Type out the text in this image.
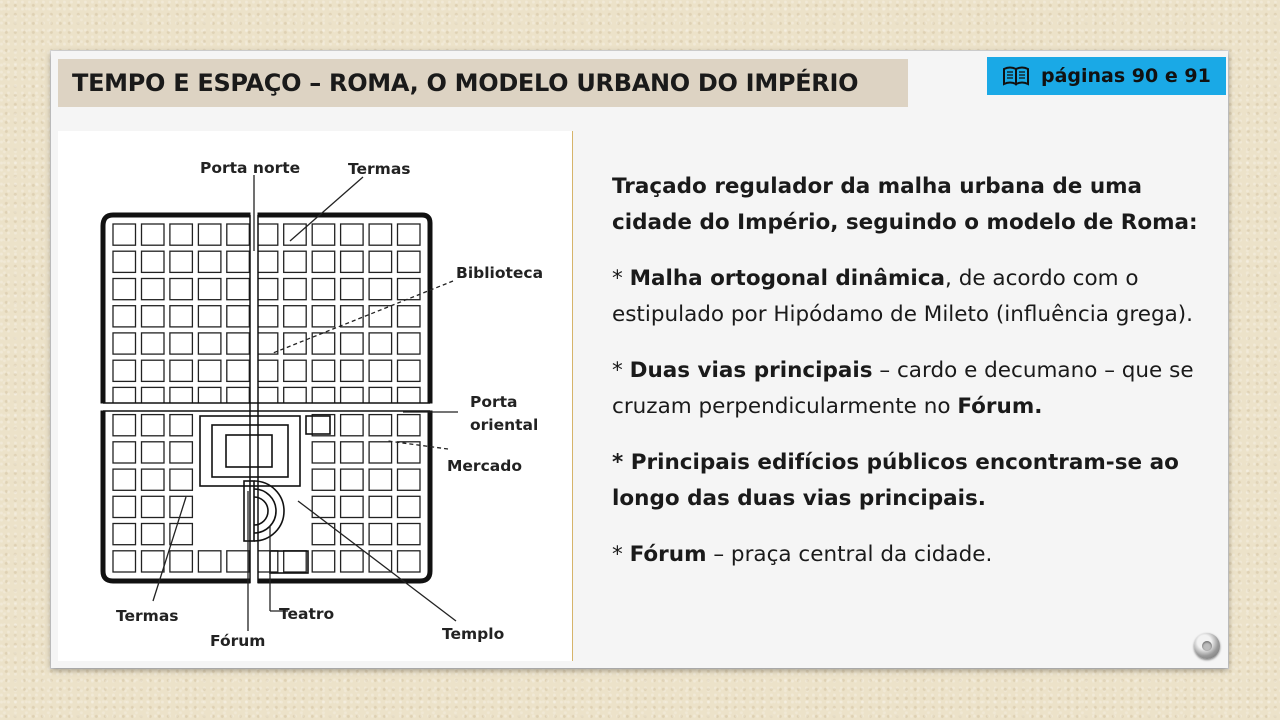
TEMPO E ESPAÇO – ROMA, O MODELO URBANO DO IMPÉRIO	páginas 90 e 91
Porta norte	Termas
Biblioteca
Porta
oriental
Mercado
Termas	Teatro
Fórum	Templo

Traçado regulador da malha urbana de uma cidade do Império, seguindo o modelo de Roma:

* Malha ortogonal dinâmica, de acordo com o estipulado por Hipódamo de Mileto (influência grega).

* Duas vias principais – cardo e decumano – que se cruzam perpendicularmente no Fórum.

* Principais edifícios públicos encontram-se ao longo das duas vias principais.

* Fórum – praça central da cidade.
